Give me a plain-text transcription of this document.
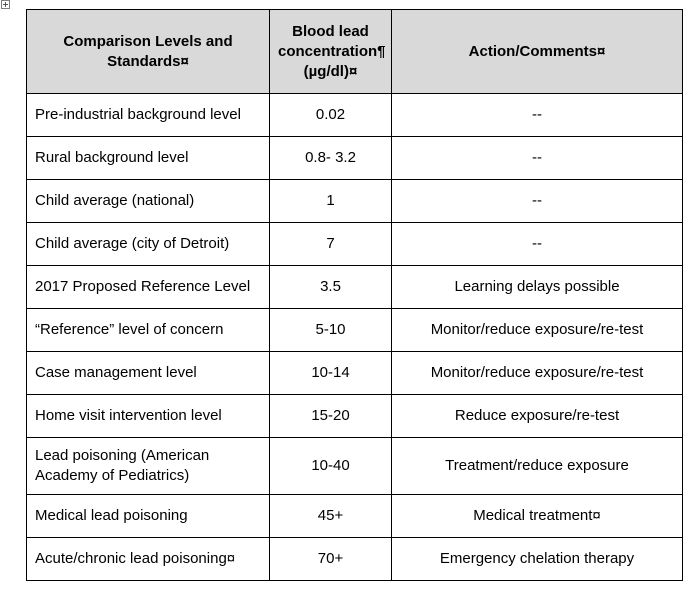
Comparison Levels and
Standards¤	Blood lead
concentration¶
(µg/dl)¤	Action/Comments¤
Pre-industrial background level	0.02	--
Rural background level	0.8- 3.2	--
Child average (national)	1	--
Child average (city of Detroit)	7	--
2017 Proposed Reference Level	3.5	Learning delays possible
“Reference” level of concern	5-10	Monitor/reduce exposure/re-test
Case management level	10-14	Monitor/reduce exposure/re-test
Home visit intervention level	15-20	Reduce exposure/re-test
Lead poisoning (American
Academy of Pediatrics)	10-40	Treatment/reduce exposure
Medical lead poisoning	45+	Medical treatment¤
Acute/chronic lead poisoning¤	70+	Emergency chelation therapy
